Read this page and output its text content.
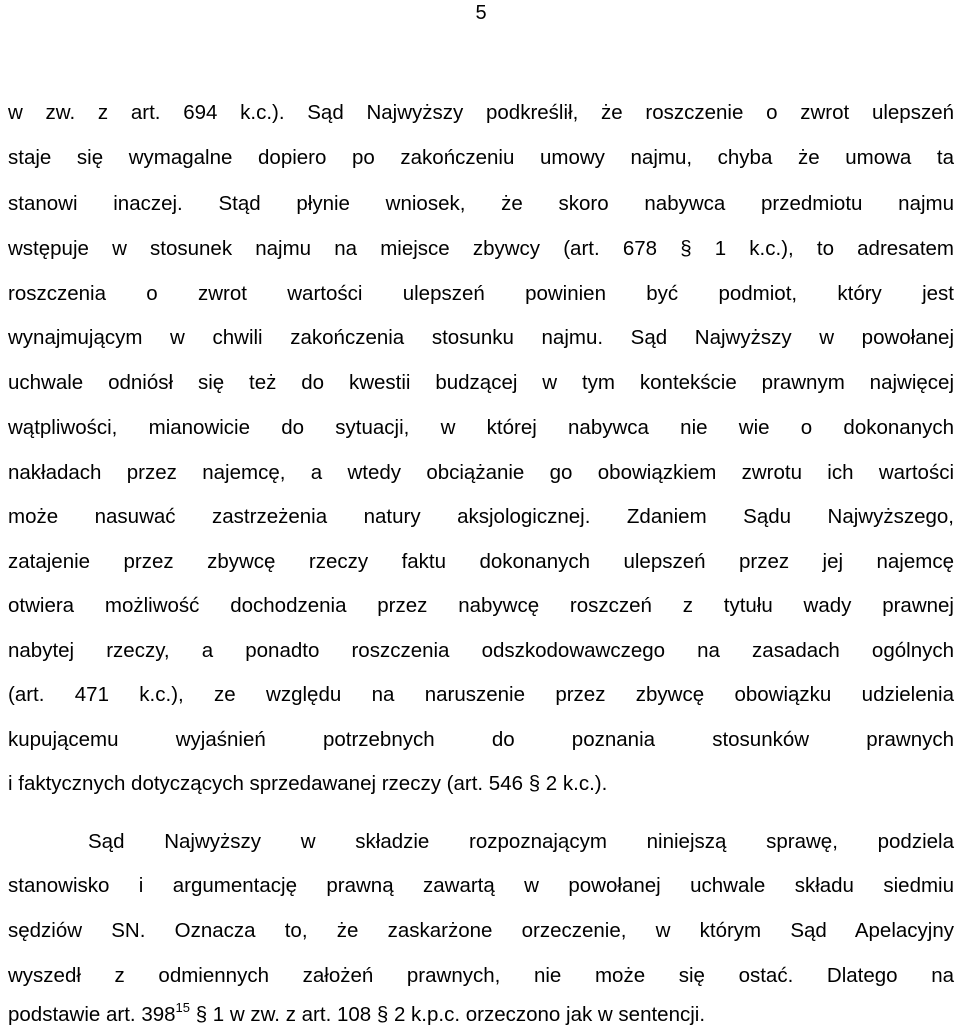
5
w zw. z art. 694 k.c.). Sąd Najwyższy podkreślił, że roszczenie o zwrot ulepszeń
staje się wymagalne dopiero po zakończeniu umowy najmu, chyba że umowa ta
stanowi inaczej. Stąd płynie wniosek, że skoro nabywca przedmiotu najmu
wstępuje w stosunek najmu na miejsce zbywcy (art. 678 § 1 k.c.), to adresatem
roszczenia o zwrot wartości ulepszeń powinien być podmiot, który jest
wynajmującym w chwili zakończenia stosunku najmu. Sąd Najwyższy w powołanej
uchwale odniósł się też do kwestii budzącej w tym kontekście prawnym najwięcej
wątpliwości, mianowicie do sytuacji, w której nabywca nie wie o dokonanych
nakładach przez najemcę, a wtedy obciążanie go obowiązkiem zwrotu ich wartości
może nasuwać zastrzeżenia natury aksjologicznej. Zdaniem Sądu Najwyższego,
zatajenie przez zbywcę rzeczy faktu dokonanych ulepszeń przez jej najemcę
otwiera możliwość dochodzenia przez nabywcę roszczeń z tytułu wady prawnej
nabytej rzeczy, a ponadto roszczenia odszkodowawczego na zasadach ogólnych
(art. 471 k.c.), ze względu na naruszenie przez zbywcę obowiązku udzielenia
kupującemu wyjaśnień potrzebnych do poznania stosunków prawnych
i faktycznych dotyczących sprzedawanej rzeczy (art. 546 § 2 k.c.).
Sąd Najwyższy w składzie rozpoznającym niniejszą sprawę, podziela
stanowisko i argumentację prawną zawartą w powołanej uchwale składu siedmiu
sędziów SN. Oznacza to, że zaskarżone orzeczenie, w którym Sąd Apelacyjny
wyszedł z odmiennych założeń prawnych, nie może się ostać. Dlatego na
podstawie art. $398^{15}$ § 1 w zw. z art. 108 § 2 k.p.c. orzeczono jak w sentencji.
